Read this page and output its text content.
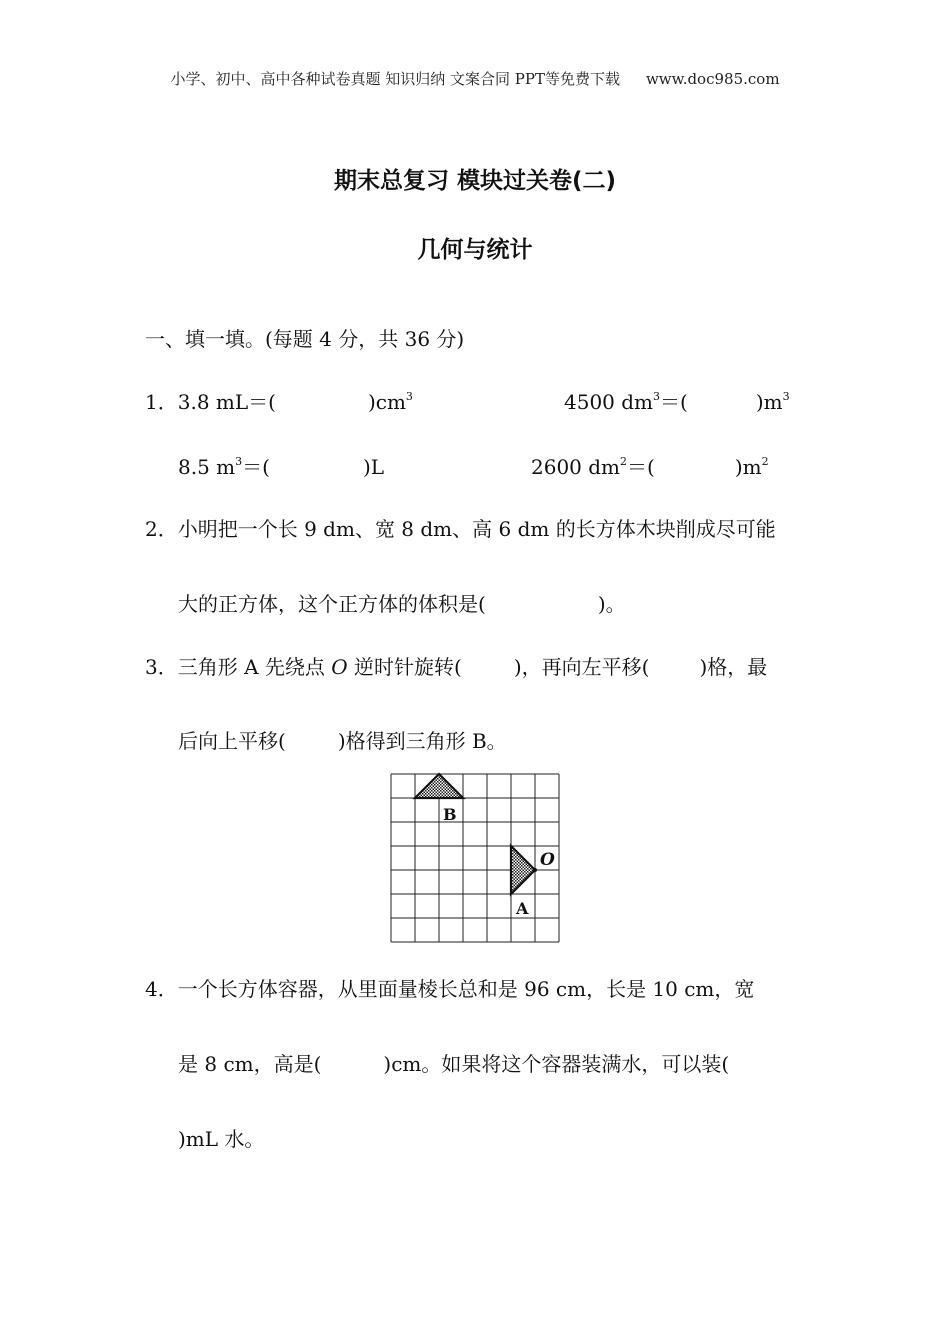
小学、初中、高中各种试卷真题 知识归纳 文案合同 PPT等免费下载 www.doc985.com
期末总复习 模块过关卷(二)
几何与统计
一、填一填。(每题 4 分，共 36 分)
1．3.8 mL＝(	)$cm^3$	4500 $dm^3=$(	)$m^3$
8.5 $m^3=$(	)L	2600 $dm^2=$(	)$m^2$
2．小明把一个长 9 dm、宽 8 dm、高 6 dm 的长方体木块削成尽可能
大的正方体，这个正方体的体积是(	)。
3．三角形 A 先绕点 O 逆时针旋转(	)，再向左平移(	)格，最
后向上平移(	)格得到三角形 B。
B
A
O
4．一个长方体容器，从里面量棱长总和是 96 cm，长是 10 cm，宽
是 8 cm，高是(	)cm。如果将这个容器装满水，可以装(
)mL 水。
